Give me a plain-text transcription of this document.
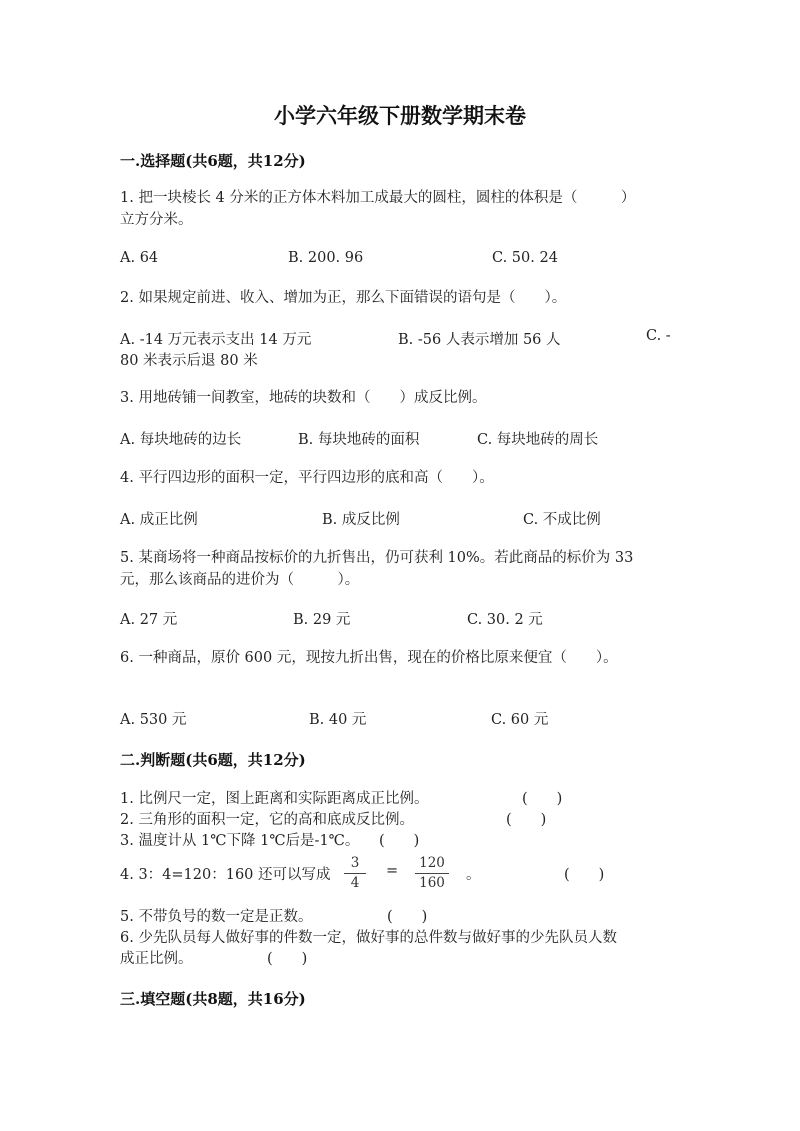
小学六年级下册数学期末卷
一.选择题(共6题，共12分)
1. 把一块棱长 4 分米的正方体木料加工成最大的圆柱，圆柱的体积是（　　　）
立方分米。
A. 64	B. 200. 96	C. 50. 24
2. 如果规定前进、收入、增加为正，那么下面错误的语句是（　　）。
A. -14 万元表示支出 14 万元	B. -56 人表示增加 56 人	C. -
80 米表示后退 80 米
3. 用地砖铺一间教室，地砖的块数和（　　）成反比例。
A. 每块地砖的边长	B. 每块地砖的面积	C. 每块地砖的周长
4. 平行四边形的面积一定，平行四边形的底和高（　　）。
A. 成正比例	B. 成反比例	C. 不成比例
5. 某商场将一种商品按标价的九折售出，仍可获利 10%。若此商品的标价为 33
元，那么该商品的进价为（　　　）。
A. 27 元	B. 29 元	C. 30. 2 元
6. 一种商品，原价 600 元，现按九折出售，现在的价格比原来便宜（　　）。
A. 530 元	B. 40 元	C. 60 元
二.判断题(共6题，共12分)
1. 比例尺一定，图上距离和实际距离成正比例。	(　　)
2. 三角形的面积一定，它的高和底成反比例。	(　　)
3. 温度计从 1℃下降 1℃后是-1℃。 (　　)
4. 3：4=120：160 还可以写成 $\frac{3}{4} = \frac{120}{160}$ 。	(　　)
5. 不带负号的数一定是正数。	(　　)
6. 少先队员每人做好事的件数一定，做好事的总件数与做好事的少先队员人数
成正比例。	(　　)
三.填空题(共8题，共16分)
